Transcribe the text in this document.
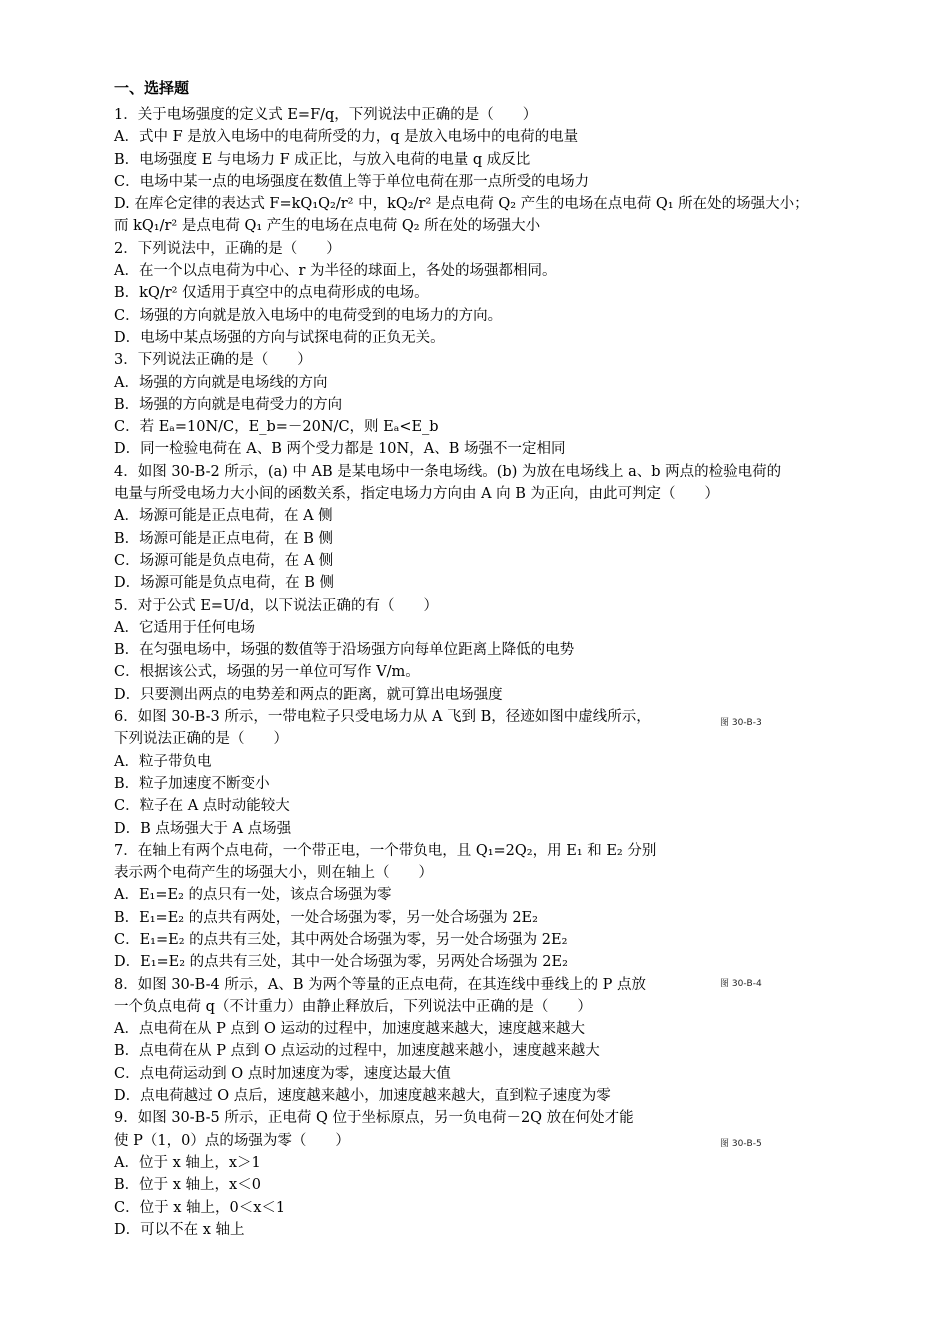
一、选择题
1．关于电场强度的定义式 E=F/q，下列说法中正确的是（　　）
A．式中 F 是放入电场中的电荷所受的力，q 是放入电场中的电荷的电量
B．电场强度 E 与电场力 F 成正比，与放入电荷的电量 q 成反比
C．电场中某一点的电场强度在数值上等于单位电荷在那一点所受的电场力
D. 在库仑定律的表达式 F=kQ₁Q₂/r² 中，kQ₂/r² 是点电荷 Q₂ 产生的电场在点电荷 Q₁ 所在处的场强大小；
而 kQ₁/r² 是点电荷 Q₁ 产生的电场在点电荷 Q₂ 所在处的场强大小
2．下列说法中，正确的是（　　）
A．在一个以点电荷为中心、r 为半径的球面上，各处的场强都相同。
B．kQ/r² 仅适用于真空中的点电荷形成的电场。
C．场强的方向就是放入电场中的电荷受到的电场力的方向。
D．电场中某点场强的方向与试探电荷的正负无关。
3．下列说法正确的是（　　）
A．场强的方向就是电场线的方向
B．场强的方向就是电荷受力的方向
C．若 Eₐ=10N/C，E_b=－20N/C，则 Eₐ<E_b
D．同一检验电荷在 A、B 两个受力都是 10N，A、B 场强不一定相同
4．如图 30-B-2 所示，(a) 中 AB 是某电场中一条电场线。(b) 为放在电场线上 a、b 两点的检验电荷的
电量与所受电场力大小间的函数关系，指定电场力方向由 A 向 B 为正向，由此可判定（　　）
A．场源可能是正点电荷，在 A 侧
B．场源可能是正点电荷，在 B 侧
C．场源可能是负点电荷，在 A 侧
D．场源可能是负点电荷，在 B 侧
5．对于公式 E=U/d，以下说法正确的有（　　）
A．它适用于任何电场
B．在匀强电场中，场强的数值等于沿场强方向每单位距离上降低的电势
C．根据该公式，场强的另一单位可写作 V/m。
D．只要测出两点的电势差和两点的距离，就可算出电场强度
6．如图 30-B-3 所示，一带电粒子只受电场力从 A 飞到 B，径迹如图中虚线所示，
下列说法正确的是（　　）
A．粒子带负电
B．粒子加速度不断变小
C．粒子在 A 点时动能较大
D．B 点场强大于 A 点场强
7．在轴上有两个点电荷，一个带正电，一个带负电，且 Q₁=2Q₂，用 E₁ 和 E₂ 分别
表示两个电荷产生的场强大小，则在轴上（　　）
A．E₁=E₂ 的点只有一处，该点合场强为零
B．E₁=E₂ 的点共有两处，一处合场强为零，另一处合场强为 2E₂
C．E₁=E₂ 的点共有三处，其中两处合场强为零，另一处合场强为 2E₂
D．E₁=E₂ 的点共有三处，其中一处合场强为零，另两处合场强为 2E₂
8．如图 30-B-4 所示，A、B 为两个等量的正点电荷，在其连线中垂线上的 P 点放
一个负点电荷 q（不计重力）由静止释放后，下列说法中正确的是（　　）
A．点电荷在从 P 点到 O 运动的过程中，加速度越来越大，速度越来越大
B．点电荷在从 P 点到 O 点运动的过程中，加速度越来越小，速度越来越大
C．点电荷运动到 O 点时加速度为零，速度达最大值
D．点电荷越过 O 点后，速度越来越小，加速度越来越大，直到粒子速度为零
9．如图 30-B-5 所示，正电荷 Q 位于坐标原点，另一负电荷－2Q 放在何处才能
使 P（1，0）点的场强为零（　　）
A．位于 x 轴上，x＞1
B．位于 x 轴上，x＜0
C．位于 x 轴上，0＜x＜1
D．可以不在 x 轴上
图 30-B-3
图 30-B-4
图 30-B-5
